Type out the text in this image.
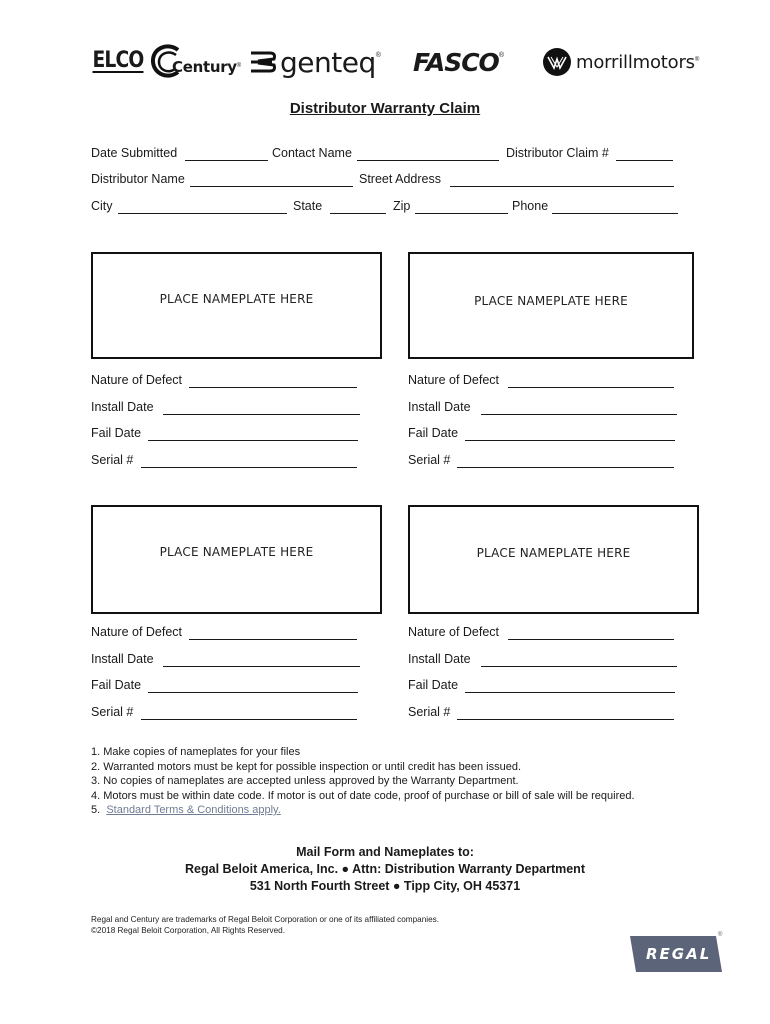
ELCO Century ® genteq ® FASCO ®	morrillmotors ®
Distributor Warranty Claim
Date Submitted	Contact Name	Distributor Claim #
Distributor Name	Street Address
City	State	Zip	Phone
PLACE NAMEPLATE HERE	PLACE NAMEPLATE HERE
Nature of Defect
Install Date
Fail Date
Serial #
Nature of Defect
Install Date
Fail Date
Serial #
PLACE NAMEPLATE HERE	PLACE NAMEPLATE HERE
Nature of Defect
Install Date
Fail Date
Serial #
Nature of Defect
Install Date
Fail Date
Serial #
1. Make copies of nameplates for your files
2. Warranted motors must be kept for possible inspection or until credit has been issued.
3. No copies of nameplates are accepted unless approved by the Warranty Department.
4. Motors must be within date code. If motor is out of date code, proof of purchase or bill of sale will be required.
5. Standard Terms & Conditions apply.
Mail Form and Nameplates to:
Regal Beloit America, Inc. ● Attn: Distribution Warranty Department
531 North Fourth Street ● Tipp City, OH 45371
Regal and Century are trademarks of Regal Beloit Corporation or one of its affiliated companies.
©2018 Regal Beloit Corporation, All Rights Reserved.
REGAL
®
